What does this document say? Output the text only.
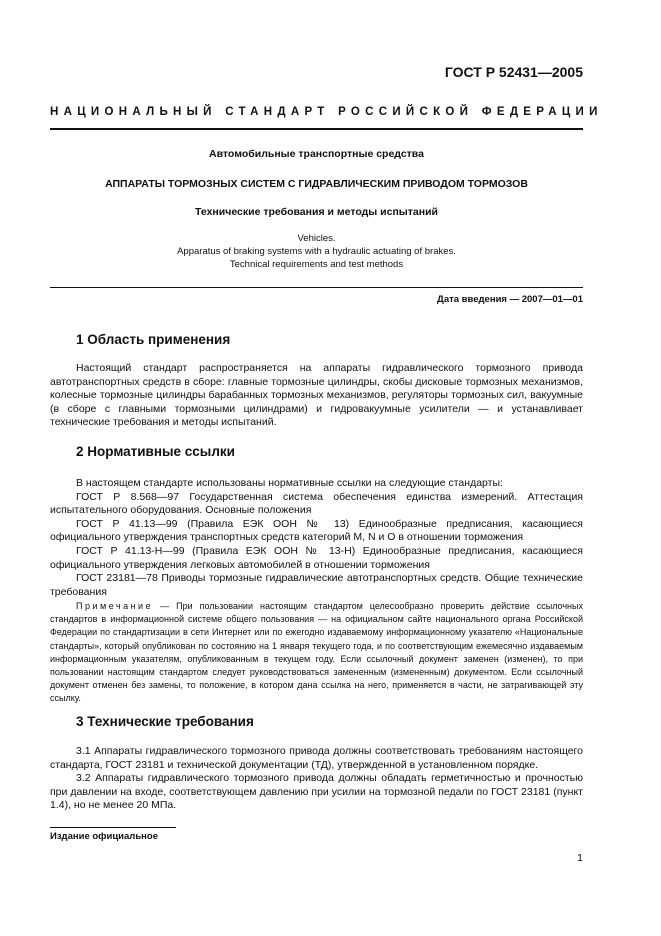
ГОСТ Р 52431—2005
НАЦИОНАЛЬНЫЙ СТАНДАРТ РОССИЙСКОЙ ФЕДЕРАЦИИ
Автомобильные транспортные средства
АППАРАТЫ ТОРМОЗНЫХ СИСТЕМ С ГИДРАВЛИЧЕСКИМ ПРИВОДОМ ТОРМОЗОВ
Технические требования и методы испытаний
Vehicles.
Apparatus of braking systems with a hydraulic actuating of brakes.
Technical requirements and test methods
Дата введения — 2007—01—01
1 Область применения

Настоящий стандарт распространяется на аппараты гидравлического тормозного привода автотранспортных средств в сборе: главные тормозные цилиндры, скобы дисковые тормозных механизмов, колесные тормозные цилиндры барабанных тормозных механизмов, регуляторы тормозных сил, вакуумные (в сборе с главными тормозными цилиндрами) и гидровакуумные усилители — и устанавливает технические требования и методы испытаний.

2 Нормативные ссылки

В настоящем стандарте использованы нормативные ссылки на следующие стандарты:

ГОСТ Р 8.568—97 Государственная система обеспечения единства измерений. Аттестация испытательного оборудования. Основные положения

ГОСТ Р 41.13—99 (Правила ЕЭК ООН № 13) Единообразные предписания, касающиеся официального утверждения транспортных средств категорий M, N и O в отношении торможения

ГОСТ Р 41.13-Н—99 (Правила ЕЭК ООН № 13-Н) Единообразные предписания, касающиеся официального утверждения легковых автомобилей в отношении торможения

ГОСТ 23181—78 Приводы тормозные гидравлические автотранспортных средств. Общие технические требования

Примечание — При пользовании настоящим стандартом целесообразно проверить действие ссылочных стандартов в информационной системе общего пользования — на официальном сайте национального органа Российской Федерации по стандартизации в сети Интернет или по ежегодно издаваемому информационному указателю «Национальные стандарты», который опубликован по состоянию на 1 января текущего года, и по соответствующим ежемесячно издаваемым информационным указателям, опубликованным в текущем году. Если ссылочный документ заменен (изменен), то при пользовании настоящим стандартом следует руководствоваться замененным (измененным) документом. Если ссылочный документ отменен без замены, то положение, в котором дана ссылка на него, применяется в части, не затрагивающей эту ссылку.
3 Технические требования

3.1 Аппараты гидравлического тормозного привода должны соответствовать требованиям настоящего стандарта, ГОСТ 23181 и технической документации (ТД), утвержденной в установленном порядке.

3.2 Аппараты гидравлического тормозного привода должны обладать герметичностью и прочностью при давлении на входе, соответствующем давлению при усилии на тормозной педали по ГОСТ 23181 (пункт 1.4), но не менее 20 МПа.

Издание официальное
1
